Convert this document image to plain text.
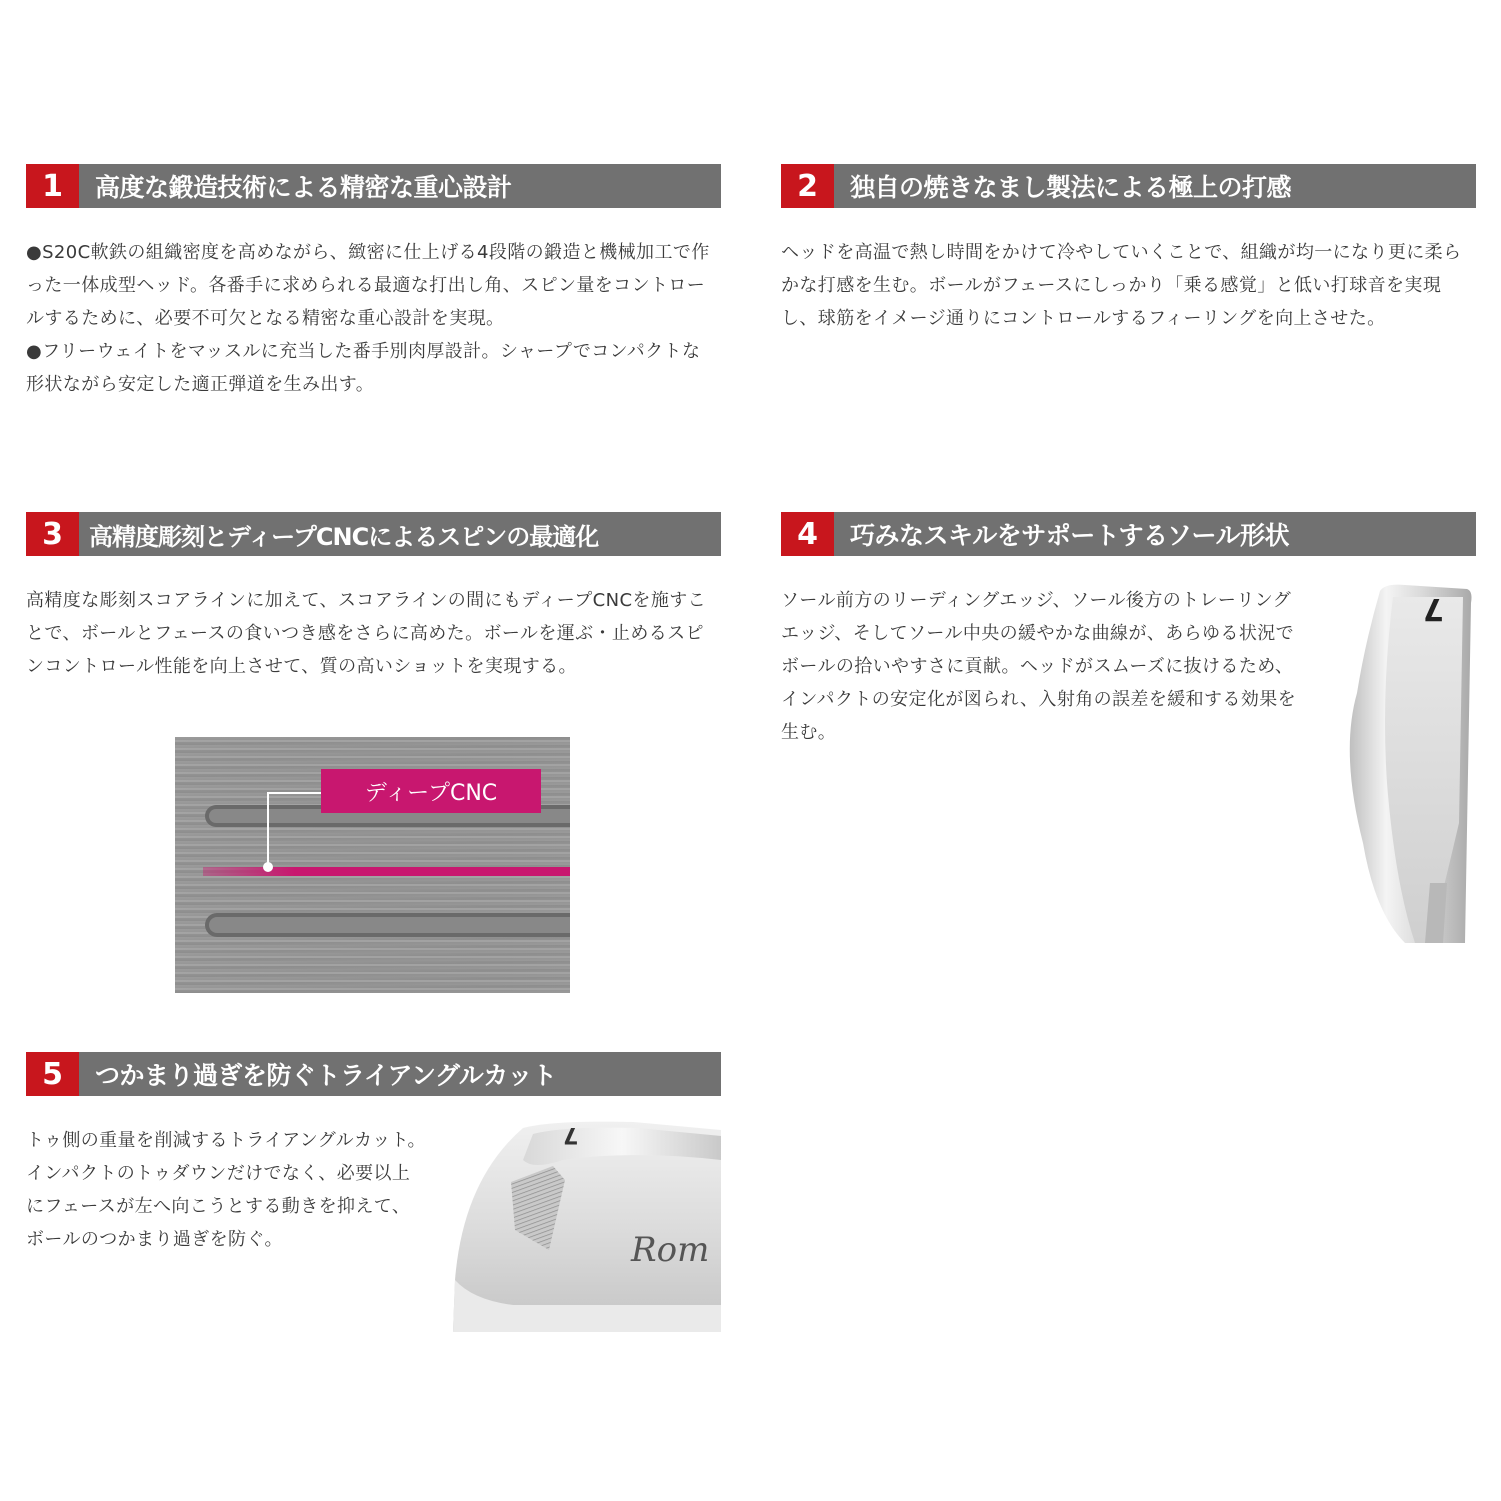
1	高度な鍛造技術による精密な重心設計

●S20C軟鉄の組織密度を高めながら、緻密に仕上げる4段階の鍛造と機械加工で作った一体成型ヘッド。各番手に求められる最適な打出し角、スピン量をコントロールするために、必要不可欠となる精密な重心設計を実現。

●フリーウェイトをマッスルに充当した番手別肉厚設計。シャープでコンパクトな形状ながら安定した適正弾道を生み出す。

2	独自の焼きなまし製法による極上の打感

ヘッドを高温で熱し時間をかけて冷やしていくことで、組織が均一になり更に柔らかな打感を生む。ボールがフェースにしっかり「乗る感覚」と低い打球音を実現し、球筋をイメージ通りにコントロールするフィーリングを向上させた。

3	高精度彫刻とディープCNCによるスピンの最適化

高精度な彫刻スコアラインに加えて、スコアラインの間にもディープCNCを施すことで、ボールとフェースの食いつき感をさらに高めた。ボールを運ぶ・止めるスピンコントロール性能を向上させて、質の高いショットを実現する。

ディープCNC
4	巧みなスキルをサポートするソール形状

ソール前方のリーディングエッジ、ソール後方のトレーリングエッジ、そしてソール中央の緩やかな曲線が、あらゆる状況でボールの拾いやすさに貢献。ヘッドがスムーズに抜けるため、インパクトの安定化が図られ、入射角の誤差を緩和する効果を生む。

7
5	つかまり過ぎを防ぐトライアングルカット

トゥ側の重量を削減するトライアングルカット。インパクトのトゥダウンだけでなく、必要以上にフェースが左へ向こうとする動きを抑えて、ボールのつかまり過ぎを防ぐ。

7
Rom
